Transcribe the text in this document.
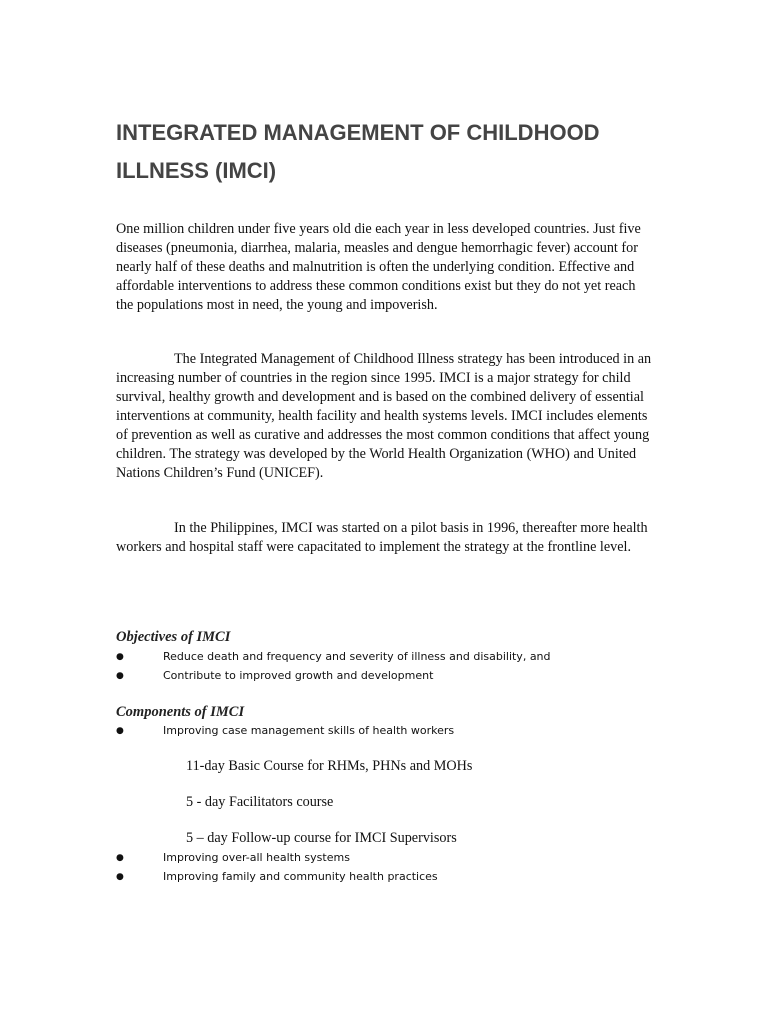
INTEGRATED MANAGEMENT OF CHILDHOOD ILLNESS (IMCI)

One million children under five years old die each year in less developed countries. Just five diseases (pneumonia, diarrhea, malaria, measles and dengue hemorrhagic fever) account for nearly half of these deaths and malnutrition is often the underlying condition. Effective and affordable interventions to address these common conditions exist but they do not yet reach the populations most in need, the young and impoverish.

The Integrated Management of Childhood Illness strategy has been introduced in an increasing number of countries in the region since 1995. IMCI is a major strategy for child survival, healthy growth and development and is based on the combined delivery of essential interventions at community, health facility and health systems levels. IMCI includes elements of prevention as well as curative and addresses the most common conditions that affect young children. The strategy was developed by the World Health Organization (WHO) and United Nations Children’s Fund (UNICEF).

In the Philippines, IMCI was started on a pilot basis in 1996, thereafter more health workers and hospital staff were capacitated to implement the strategy at the frontline level.

Objectives of IMCI

●	Reduce death and frequency and severity of illness and disability, and
●	Contribute to improved growth and development

Components of IMCI

●	Improving case management skills of health workers

11-day Basic Course for RHMs, PHNs and MOHs

5 - day Facilitators course

5 – day Follow-up course for IMCI Supervisors

●	Improving over-all health systems
●	Improving family and community health practices
